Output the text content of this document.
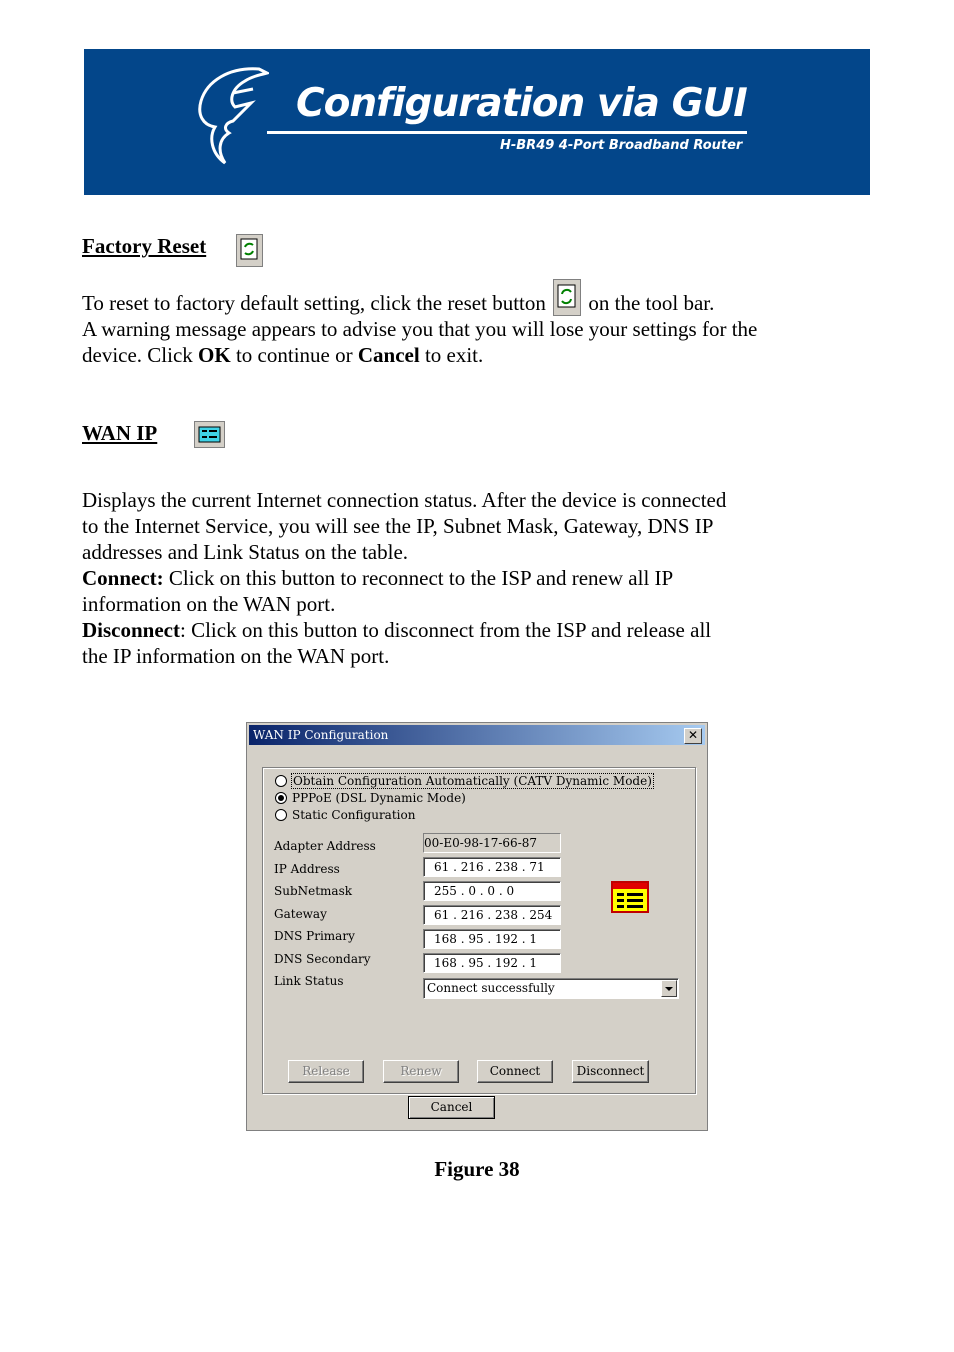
Configuration via GUI
H-BR49 4-Port Broadband Router
Factory Reset
To reset to factory default setting, click the reset button on the tool bar.
A warning message appears to advise you that you will lose your settings for the
device. Click OK to continue or Cancel to exit.
WAN IP
Displays the current Internet connection status. After the device is connected
to the Internet Service, you will see the IP, Subnet Mask, Gateway, DNS IP
addresses and Link Status on the table.
Connect: Click on this button to reconnect to the ISP and renew all IP
information on the WAN port.
Disconnect: Click on this button to disconnect from the ISP and release all
the IP information on the WAN port.
WAN IP Configuration	✕
Obtain Configuration Automatically (CATV Dynamic Mode)
PPPoE (DSL Dynamic Mode)
Static Configuration
Adapter Address	00-E0-98-17-66-87
IP Address	61 . 216 . 238 . 71
SubNetmask	255 . 0 . 0 . 0
Gateway	61 . 216 . 238 . 254
DNS Primary	168 . 95 . 192 . 1
DNS Secondary	168 . 95 . 192 . 1
Link Status	Connect successfully
Release	Renew	Connect	Disconnect
Cancel
Figure 38
